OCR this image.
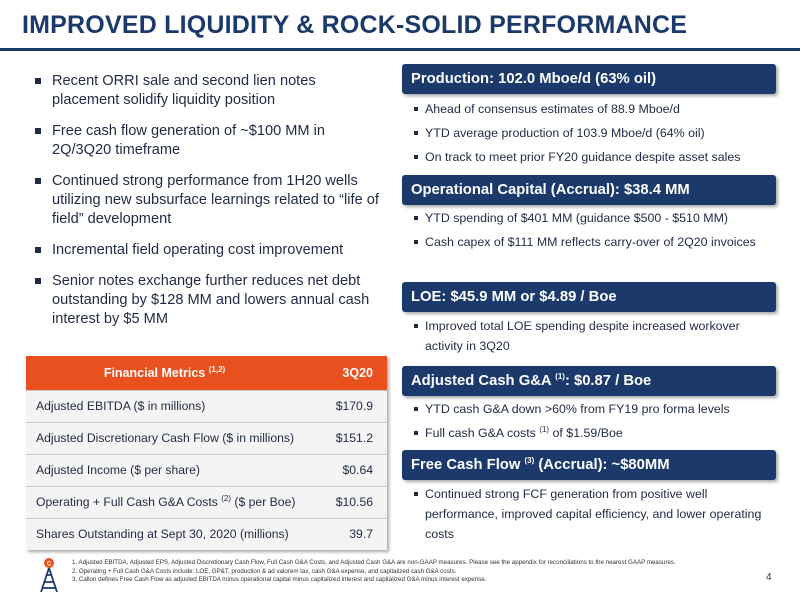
IMPROVED LIQUIDITY & ROCK-SOLID PERFORMANCE
Recent ORRI sale and second lien notes placement solidify liquidity position
Free cash flow generation of ~$100 MM in 2Q/3Q20 timeframe
Continued strong performance from 1H20 wells utilizing new subsurface learnings related to “life of field” development
Incremental field operating cost improvement
Senior notes exchange further reduces net debt outstanding by $128 MM and lowers annual cash interest by $5 MM
Financial Metrics $^{(1,2)}$	3Q20
Adjusted EBITDA ($ in millions)	$170.9
Adjusted Discretionary Cash Flow ($ in millions)	$151.2
Adjusted Income ($ per share)	$0.64
Operating + Full Cash G&A Costs $^{(2)}$ ($ per Boe)	$10.56
Shares Outstanding at Sept 30, 2020 (millions)	39.7
Production: 102.0 Mboe/d (63% oil)
Ahead of consensus estimates of 88.9 Mboe/d
YTD average production of 103.9 Mboe/d (64% oil)
On track to meet prior FY20 guidance despite asset sales
Operational Capital (Accrual): $38.4 MM
YTD spending of $401 MM (guidance $500 - $510 MM)
Cash capex of $111 MM reflects carry-over of 2Q20 invoices
LOE: $45.9 MM or $4.89 / Boe
Improved total LOE spending despite increased workover activity in 3Q20
Adjusted Cash G&A $^{(1)}$: $0.87 / Boe
YTD cash G&A down >60% from FY19 pro forma levels
Full cash G&A costs $^{(1)}$ of $1.59/Boe
Free Cash Flow $^{(3)}$ (Accrual): ~$80MM
Continued strong FCF generation from positive well performance, improved capital efficiency, and lower operating costs
C	1. Adjusted EBITDA, Adjusted EPS, Adjusted Discretionary Cash Flow, Full Cash G&A Costs, and Adjusted Cash G&A are non-GAAP measures. Please see the appendix for reconciliations to the nearest GAAP measures.
2. Operating + Full Cash G&A Costs include: LOE, GP&T, production & ad valorem tax, cash G&A expense, and capitalized cash G&A costs.
3. Callon defines Free Cash Flow as adjusted EBITDA minus operational capital minus capitalized interest and capitalized G&A minus interest expense.	4
